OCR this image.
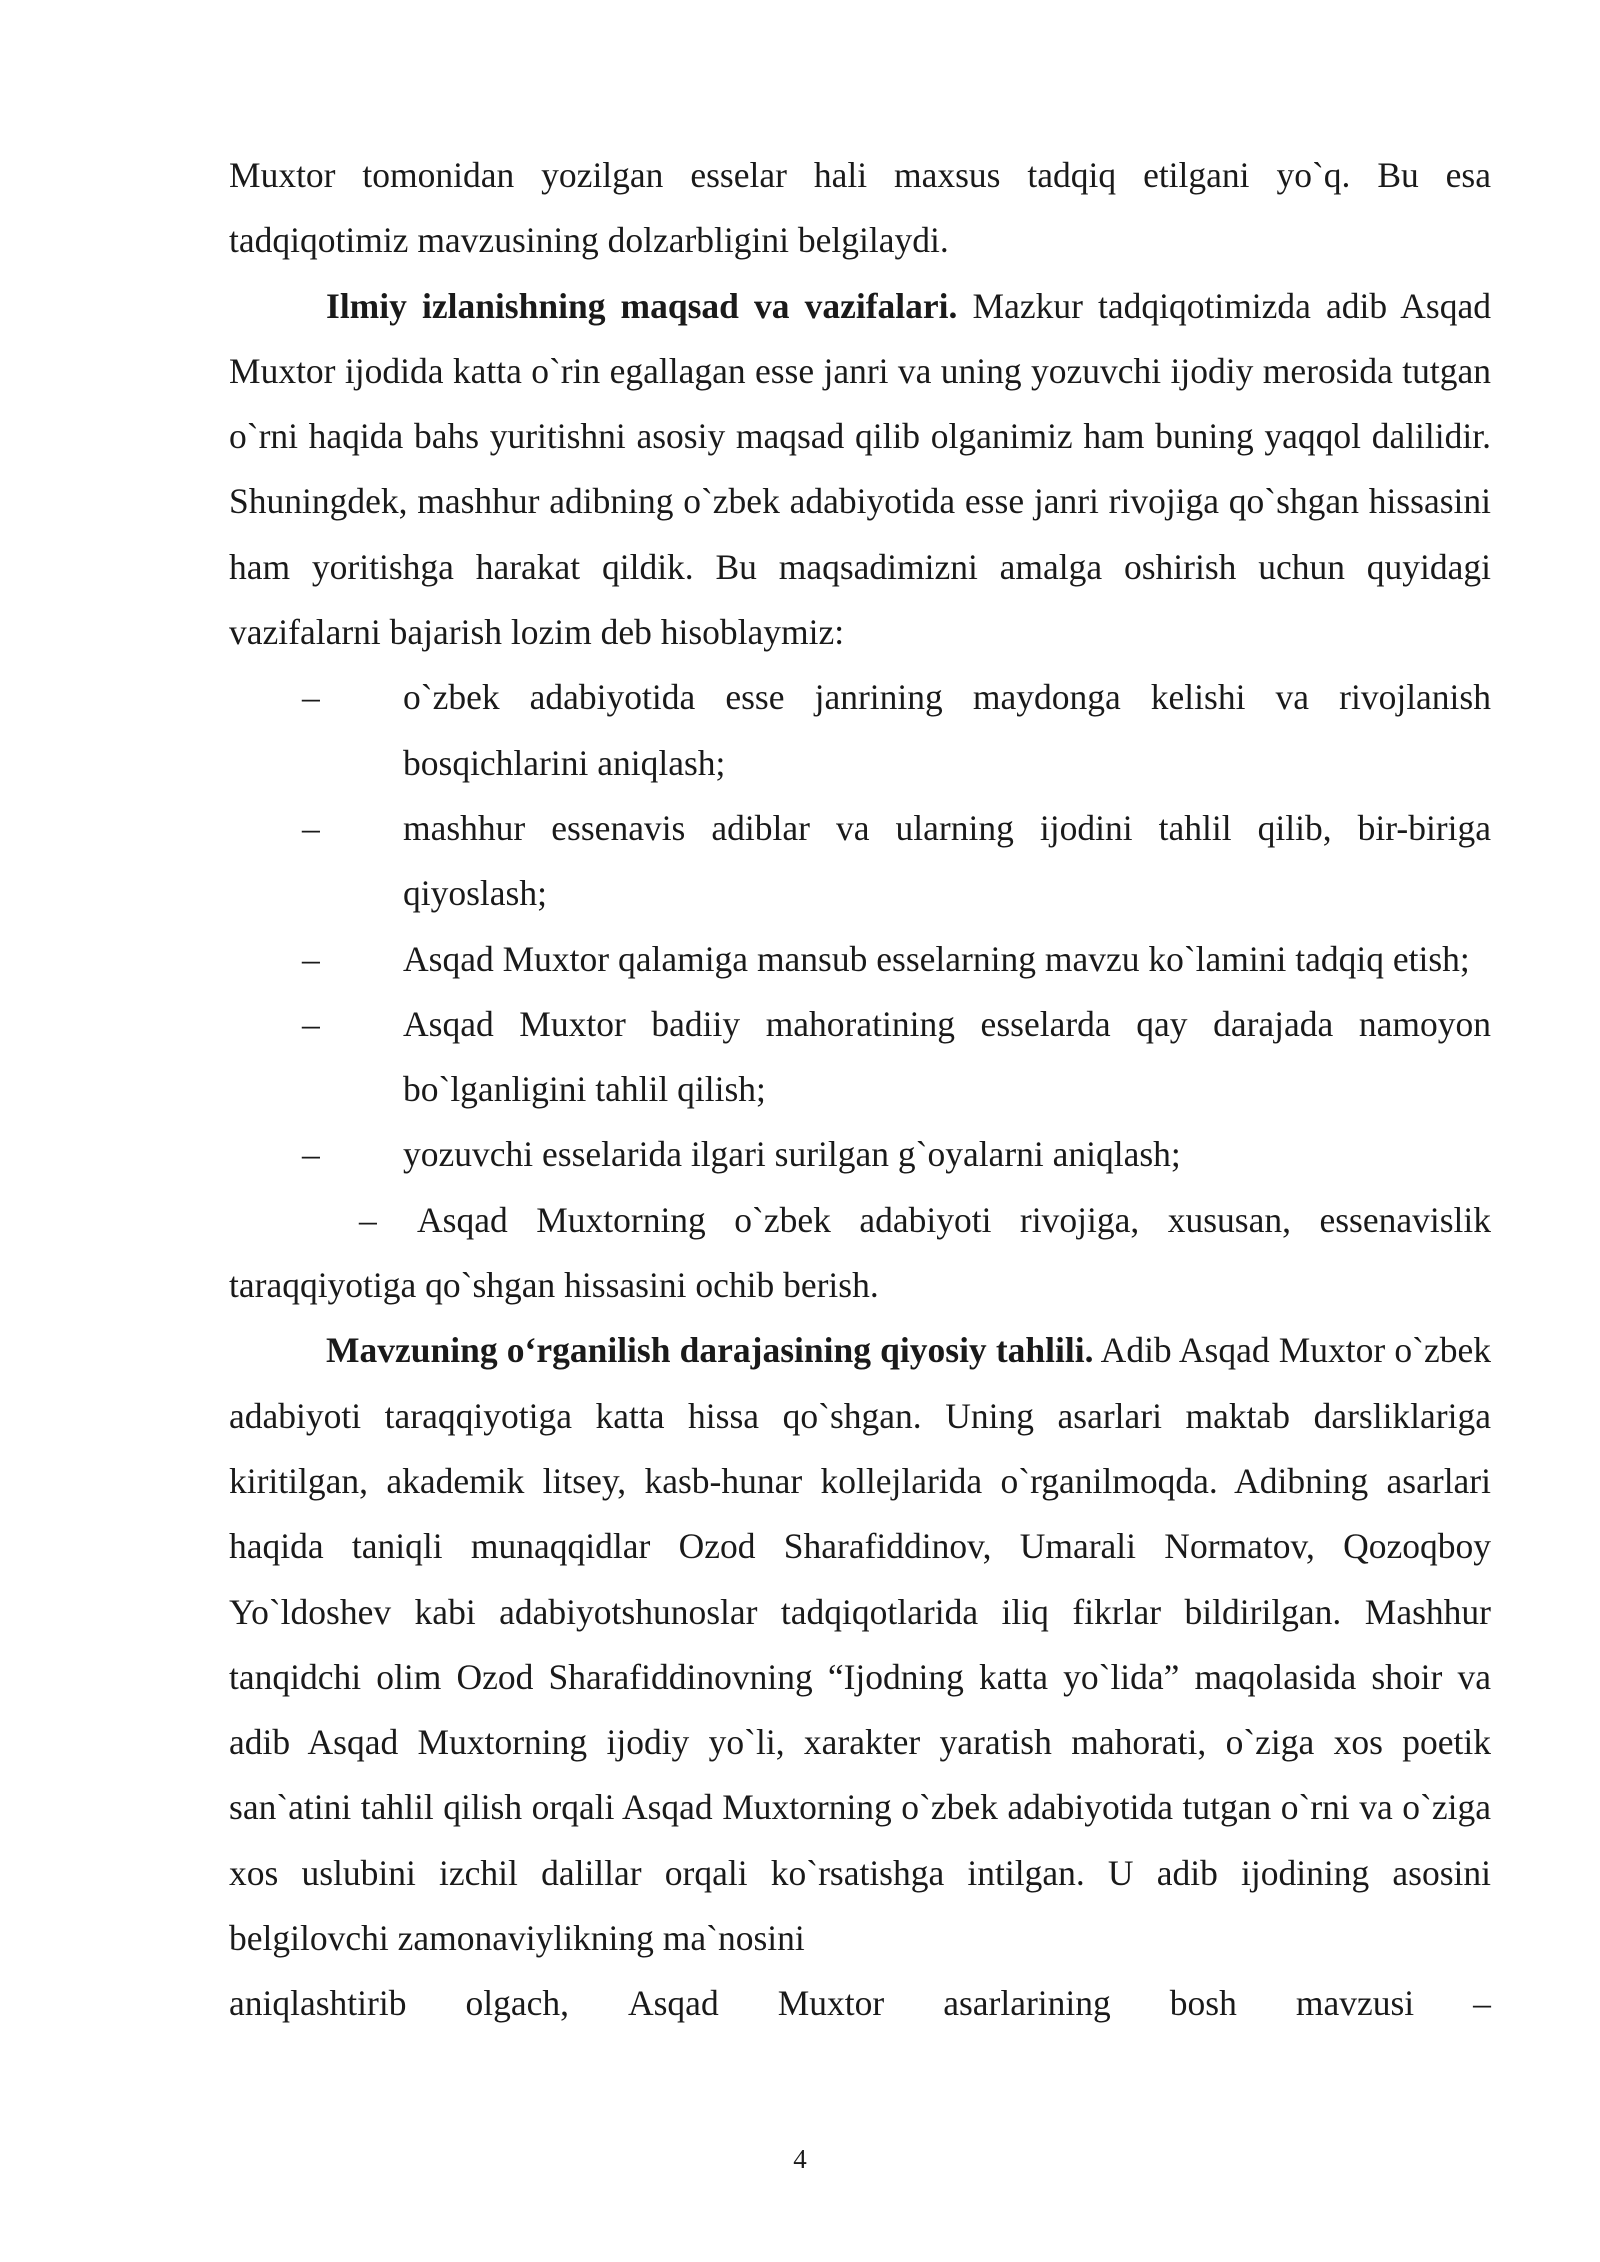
Muxtor tomonidan yozilgan esselar hali maxsus tadqiq etilgani yo`q. Bu esa tadqiqotimiz mavzusining dolzarbligini belgilaydi.

Ilmiy izlanishning maqsad va vazifalari. Mazkur tadqiqotimizda adib Asqad Muxtor ijodida katta o`rin egallagan esse janri va uning yozuvchi ijodiy merosida tutgan o`rni haqida bahs yuritishni asosiy maqsad qilib olganimiz ham buning yaqqol dalilidir. Shuningdek, mashhur adibning o`zbek adabiyotida esse janri rivojiga qo`shgan hissasini ham yoritishga harakat qildik. Bu maqsadimizni amalga oshirish uchun quyidagi vazifalarni bajarish lozim deb hisoblaymiz:

– o`zbek adabiyotida esse janrining maydonga kelishi va rivojlanish bosqichlarini aniqlash;
– mashhur essenavis adiblar va ularning ijodini tahlil qilib, bir-biriga qiyoslash;
– Asqad Muxtor qalamiga mansub esselarning mavzu ko`lamini tadqiq etish;
– Asqad Muxtor badiiy mahoratining esselarda qay darajada namoyon bo`lganligini tahlil qilish;
– yozuvchi esselarida ilgari surilgan g`oyalarni aniqlash;

– Asqad Muxtorning o`zbek adabiyoti rivojiga, xususan, essenavislik taraqqiyotiga qo`shgan hissasini ochib berish.

Mavzuning o‘rganilish darajasining qiyosiy tahlili. Adib Asqad Muxtor o`zbek adabiyoti taraqqiyotiga katta hissa qo`shgan. Uning asarlari maktab darsliklariga kiritilgan, akademik litsey, kasb-hunar kollejlarida o`rganilmoqda. Adibning asarlari haqida taniqli munaqqidlar Ozod Sharafiddinov, Umarali Normatov, Qozoqboy Yo`ldoshev kabi adabiyotshunoslar tadqiqotlarida iliq fikrlar bildirilgan. Mashhur tanqidchi olim Ozod Sharafiddinovning “Ijodning katta yo`lida” maqolasida shoir va adib Asqad Muxtorning ijodiy yo`li, xarakter yaratish mahorati, o`ziga xos poetik san`atini tahlil qilish orqali Asqad Muxtorning o`zbek adabiyotida tutgan o`rni va o`ziga xos uslubini izchil dalillar orqali ko`rsatishga intilgan. U adib ijodining asosini belgilovchi zamonaviylikning ma`nosini

aniqlashtirib olgach, Asqad Muxtor asarlarining bosh mavzusi –
4
